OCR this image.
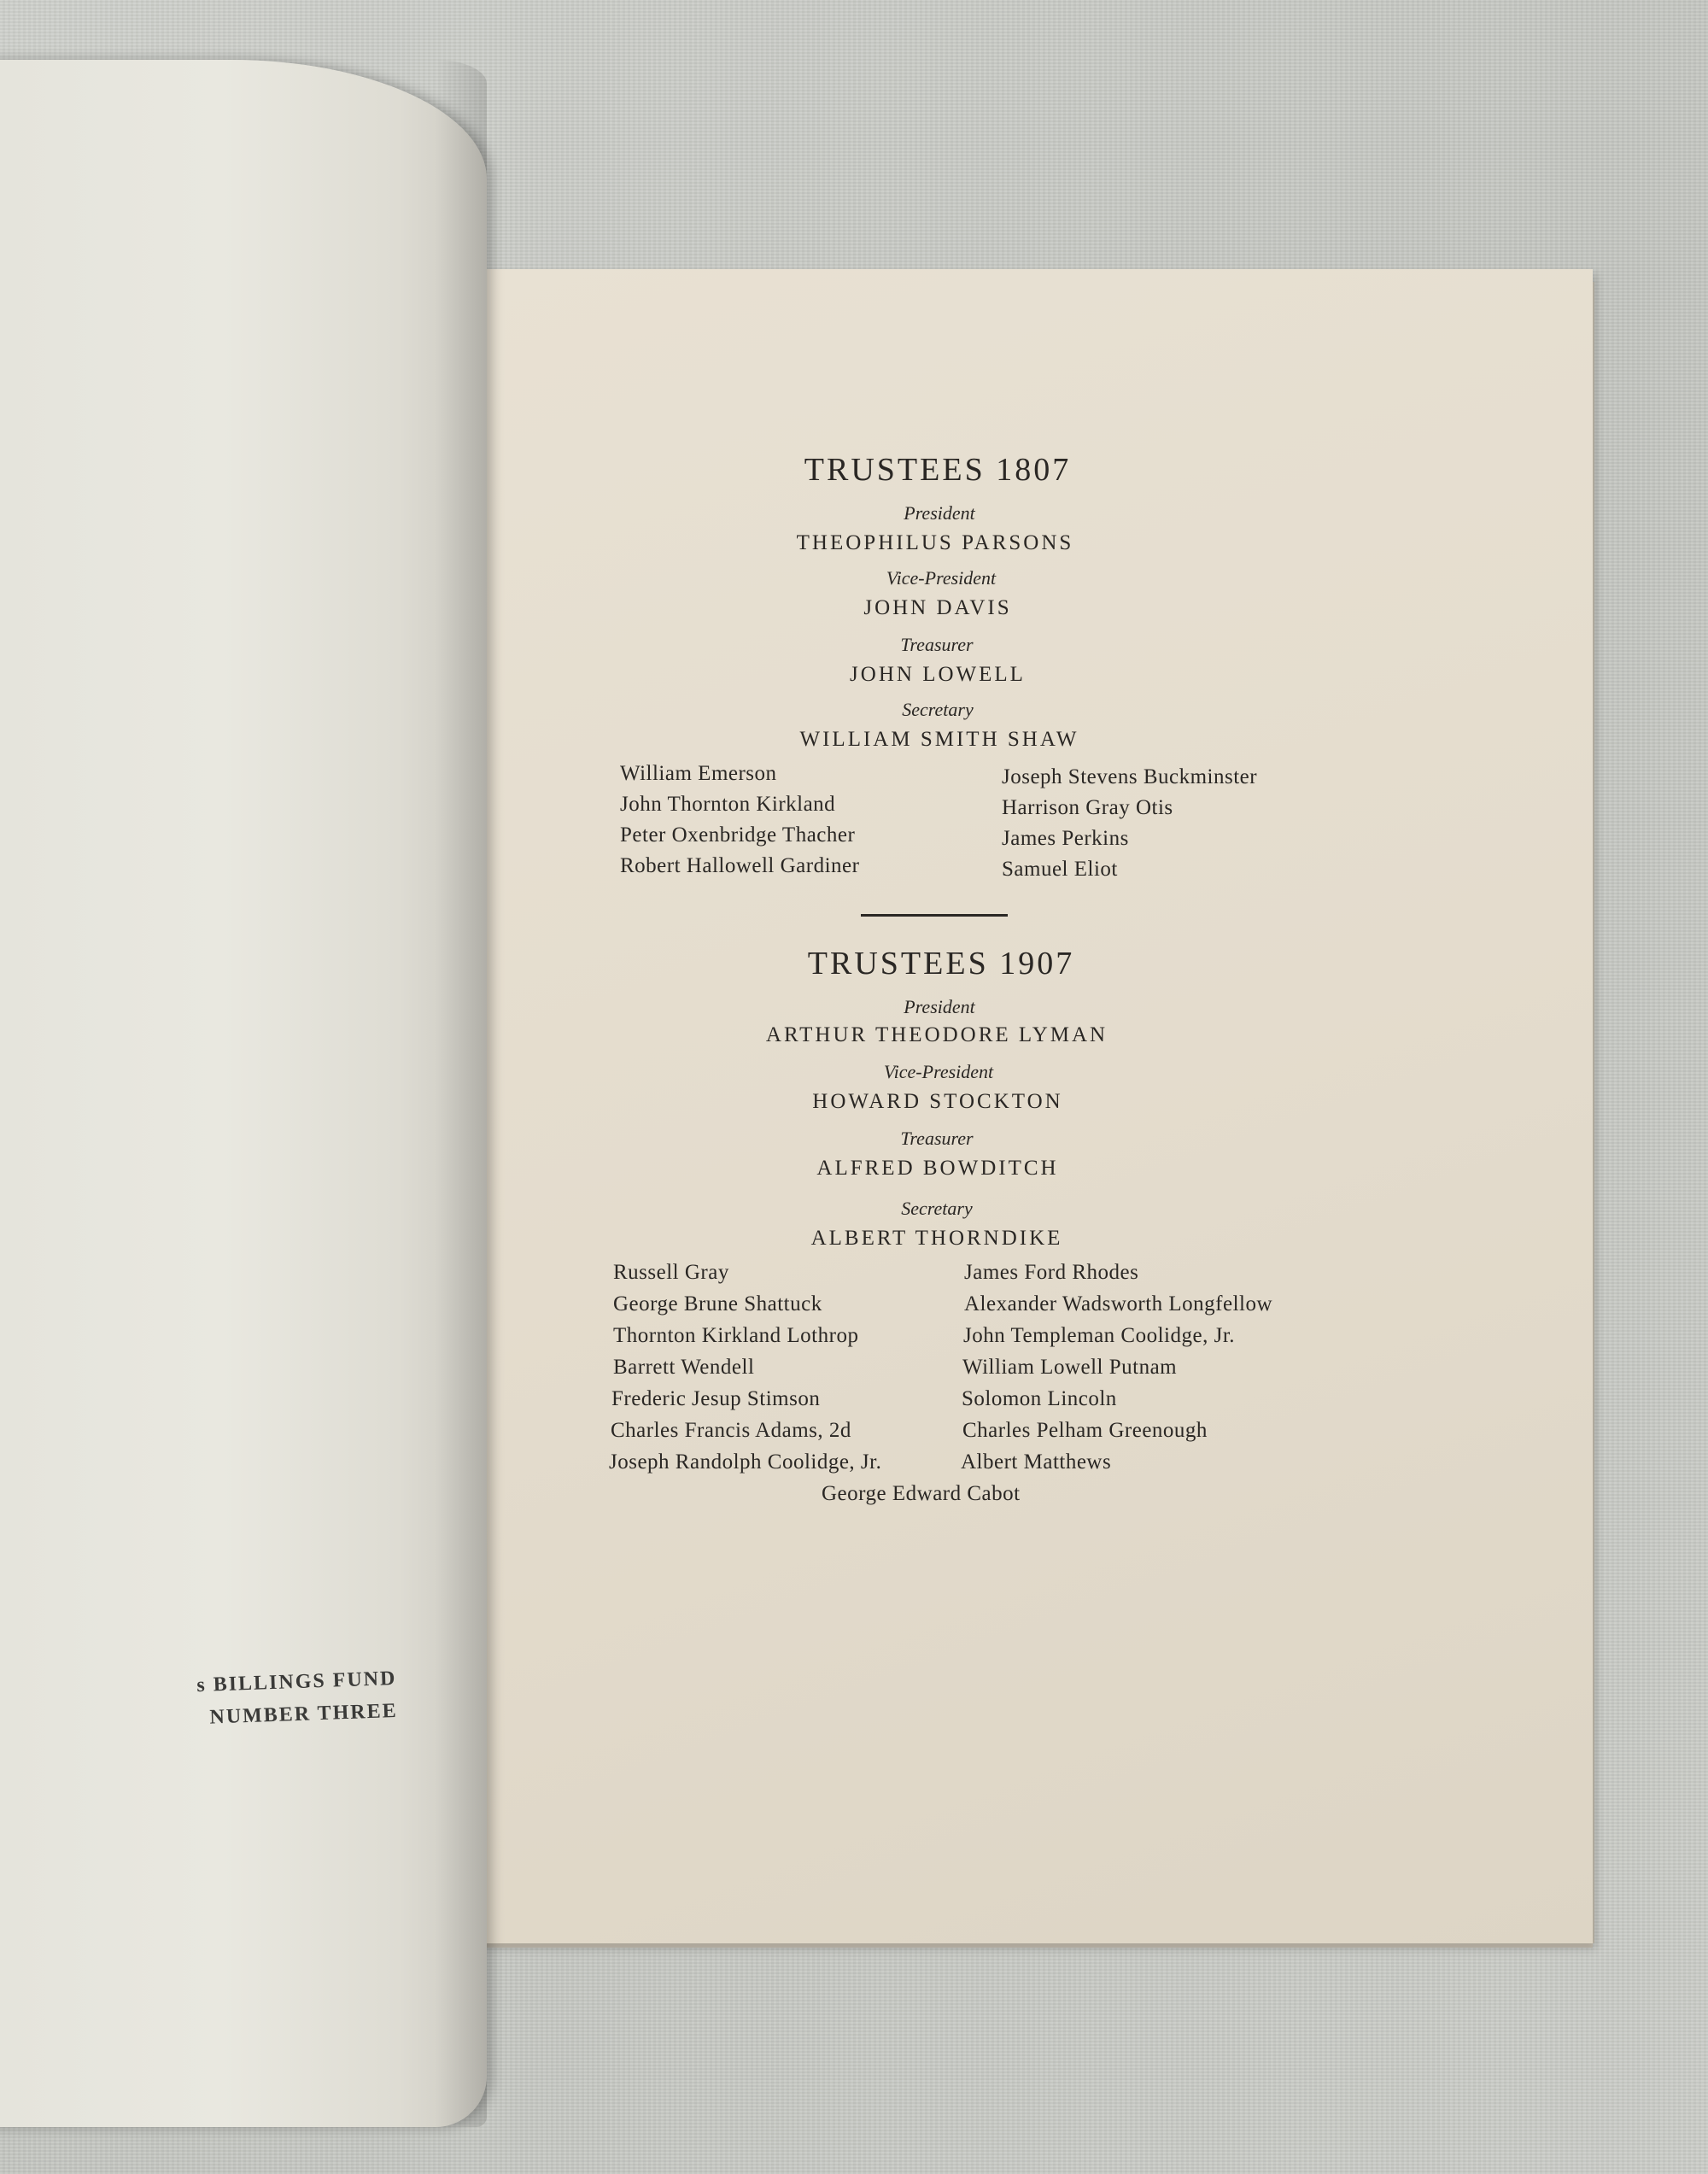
s BILLINGS FUND
NUMBER THREE
TRUSTEES 1807
President
THEOPHILUS PARSONS
Vice-President
JOHN DAVIS
Treasurer
JOHN LOWELL
Secretary
WILLIAM SMITH SHAW
William Emerson
John Thornton Kirkland
Peter Oxenbridge Thacher
Robert Hallowell Gardiner
Joseph Stevens Buckminster
Harrison Gray Otis
James Perkins
Samuel Eliot
TRUSTEES 1907
President
ARTHUR THEODORE LYMAN
Vice-President
HOWARD STOCKTON
Treasurer
ALFRED BOWDITCH
Secretary
ALBERT THORNDIKE
Russell Gray
George Brune Shattuck
Thornton Kirkland Lothrop
Barrett Wendell
Frederic Jesup Stimson
Charles Francis Adams, 2d
Joseph Randolph Coolidge, Jr.
James Ford Rhodes
Alexander Wadsworth Longfellow
John Templeman Coolidge, Jr.
William Lowell Putnam
Solomon Lincoln
Charles Pelham Greenough
Albert Matthews
George Edward Cabot
